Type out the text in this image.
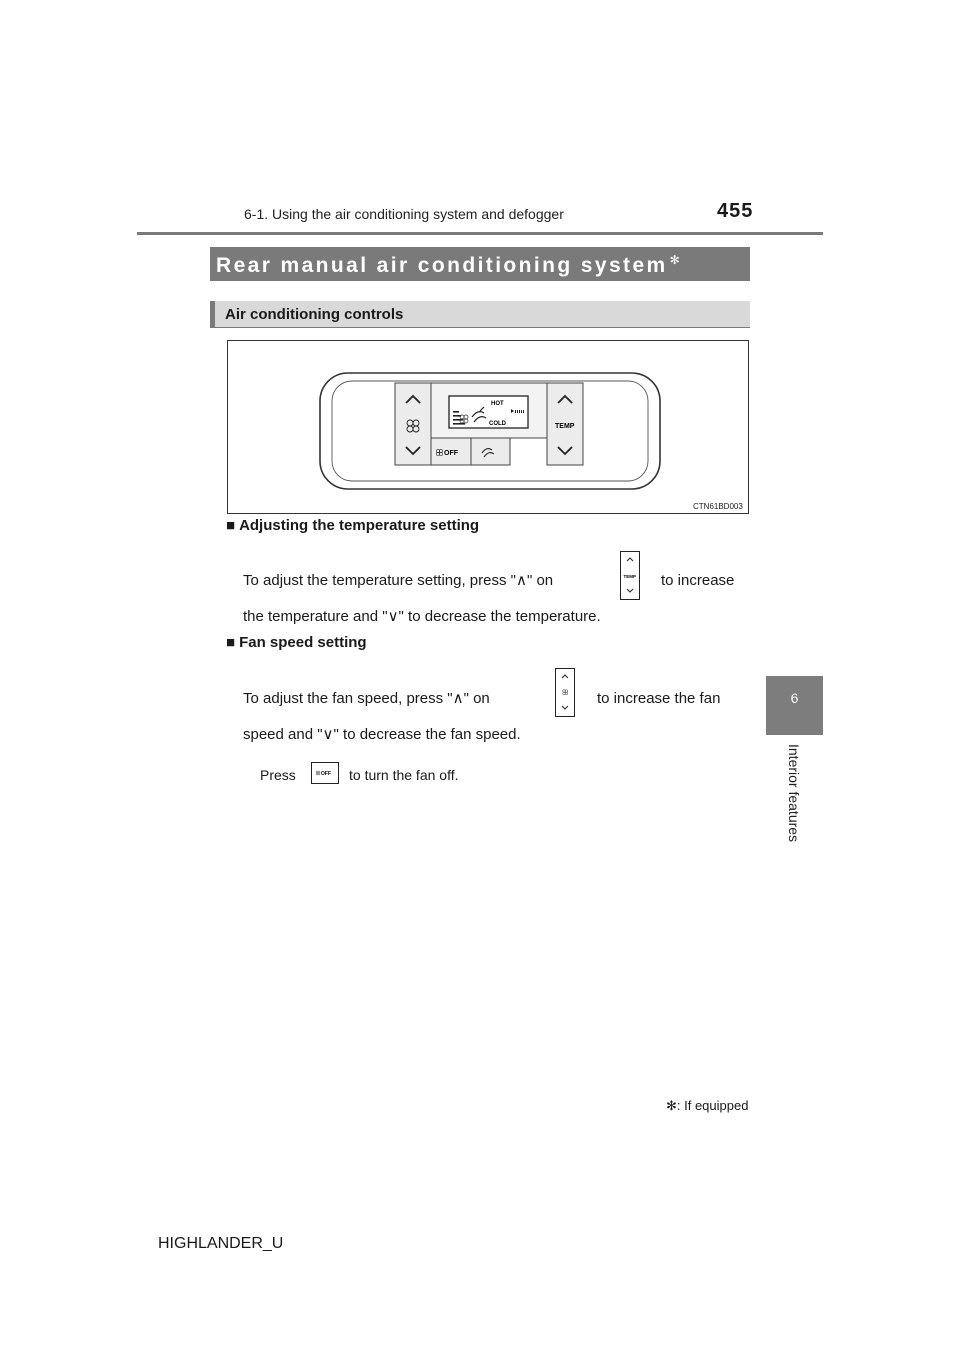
6-1. Using the air conditioning system and defogger	455
6
Interior features
Rear manual air conditioning system ✻
Air conditioning controls
HOT
COLD
OFF
TEMP
CTN61BD003
■ Adjusting the temperature setting
To adjust the temperature setting, press "∧" on	TEMP to increase
the temperature and "∨" to decrease the temperature.
■ Fan speed setting
To adjust the fan speed, press "∧" on	to increase the fan
speed and "∨" to decrease the fan speed.
Press	OFF to turn the fan off.
✻: If equipped
HIGHLANDER_U
